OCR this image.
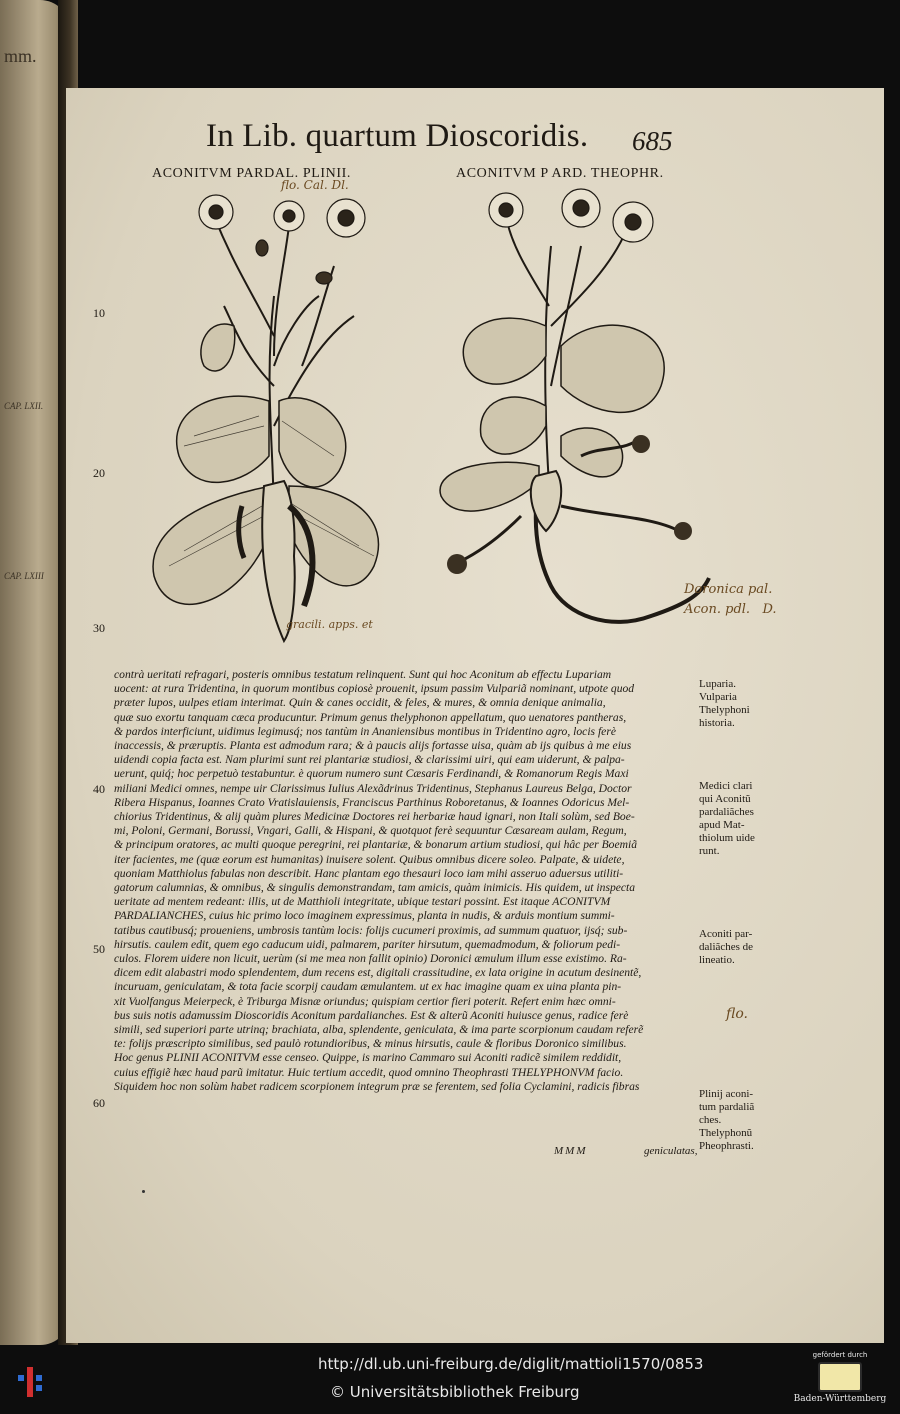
mm.
CAP. LXII.
CAP. LXIII
In Lib. quartum Dioscoridis. 685
ACONITVM PARDAL. PLINII.	ACONITVM P ARD. THEOPHR.
10
20
30
40
50
60
flo. Cal. Dl.
gracili. apps. et
Doronica pal.
Acon. pdl.   D.
flo.

contrà ueritati refragari, posteris omnibus testatum relinquent. Sunt qui hoc Aconitum ab effectu Lupariam

uocent: at rura Tridentina, in quorum montibus copiosè prouenit, ipsum passim Vulpariã nominant, utpote quod

præter lupos, uulpes etiam interimat. Quin & canes occidit, & feles, & mures, & omnia denique animalia,

quæ suo exortu tanquam cæca producuntur. Primum genus thelyphonon appellatum, quo uenatores pantheras,

& pardos interficiunt, uidimus legimusq́; nos tantùm in Ananiensibus montibus in Tridentino agro, locis ferè

inaccessis, & præruptis. Planta est admodum rara; & à paucis alijs fortasse uisa, quàm ab ijs quibus à me eius

uidendi copia facta est. Nam plurimi sunt rei plantariæ studiosi, & clarissimi uiri, qui eam uiderunt, & palpa-

uerunt, quiq́; hoc perpetuò testabuntur. è quorum numero sunt Cæsaris Ferdinandi, & Romanorum Regis Maxi

miliani Medici omnes, nempe uir Clarissimus Iulius Alexãdrinus Tridentinus, Stephanus Laureus Belga, Doctor

Ribera Hispanus, Ioannes Crato Vratislauiensis, Franciscus Parthinus Roboretanus, & Ioannes Odoricus Mel-

chiorius Tridentinus, & alij quàm plures Medicinæ Doctores rei herbariæ haud ignari, non Itali solùm, sed Boe-

mi, Poloni, Germani, Borussi, Vngari, Galli, & Hispani, & quotquot ferè sequuntur Cæsaream aulam, Regum,

& principum oratores, ac multi quoque peregrini, rei plantariæ, & bonarum artium studiosi, qui hâc per Boemiã

iter facientes, me (quæ eorum est humanitas) inuisere solent. Quibus omnibus dicere soleo. Palpate, & uidete,

quoniam Matthiolus fabulas non describit. Hanc plantam ego thesauri loco iam mihi asseruo aduersus utiliti-

gatorum calumnias, & omnibus, & singulis demonstrandam, tam amicis, quàm inimicis. His quidem, ut inspecta

ueritate ad mentem redeant: illis, ut de Matthioli integritate, ubique testari possint. Est itaque ACONITVM

PARDALIANCHES, cuius hic primo loco imaginem expressimus, planta in nudis, & arduis montium summi-

tatibus cautibusq́; proueniens, umbrosis tantùm locis: folijs cucumeri proximis, ad summum quatuor, ijsq́; sub-

hirsutis. caulem edit, quem ego caducum uidi, palmarem, pariter hirsutum, quemadmodum, & foliorum pedi-

culos. Florem uidere non licuit, uerùm (si me mea non fallit opinio) Doronici æmulum illum esse existimo. Ra-

dicem edit alabastri modo splendentem, dum recens est, digitali crassitudine, ex lata origine in acutum desinentẽ,

incuruam, geniculatam, & tota facie scorpij caudam æmulantem. ut ex hac imagine quam ex uina planta pin-

xit Vuolfangus Meierpeck, è Triburga Misnæ oriundus; quispiam certior fieri poterit. Refert enim hæc omni-

bus suis notis adamussim Dioscoridis Aconitum pardalianches. Est & alterũ Aconiti huiusce genus, radice ferè

simili, sed superiori parte utrinq; brachiata, alba, splendente, geniculata, & ima parte scorpionum caudam referẽ

te: folijs præscripto similibus, sed paulò rotundioribus, & minus hirsutis, caule & floribus Doronico similibus.

Hoc genus PLINII ACONITVM esse censeo. Quippe, is marino Cammaro sui Aconiti radicẽ similem reddidit,

cuius effigiẽ hæc haud parũ imitatur. Huic tertium accedit, quod omnino Theophrasti THELYPHONVM facio.

Siquidem hoc non solùm habet radicem scorpionem integrum præ se ferentem, sed folia Cyclamini, radicis fibras

Luparia.
Vulparia
Thelyphoni
historia.
Medici clari
qui Aconitũ
pardaliãches
apud Mat-
thiolum uide
runt.
Aconiti par-
daliãches de
lineatio.
Plinij aconi-
tum pardaliã
ches.
Thelyphonũ
Pheophrasti.
MMM	geniculatas,
http://dl.ub.uni-freiburg.de/diglit/mattioli1570/0853
© Universitätsbibliothek Freiburg
gefördert durch
Baden-Württemberg
